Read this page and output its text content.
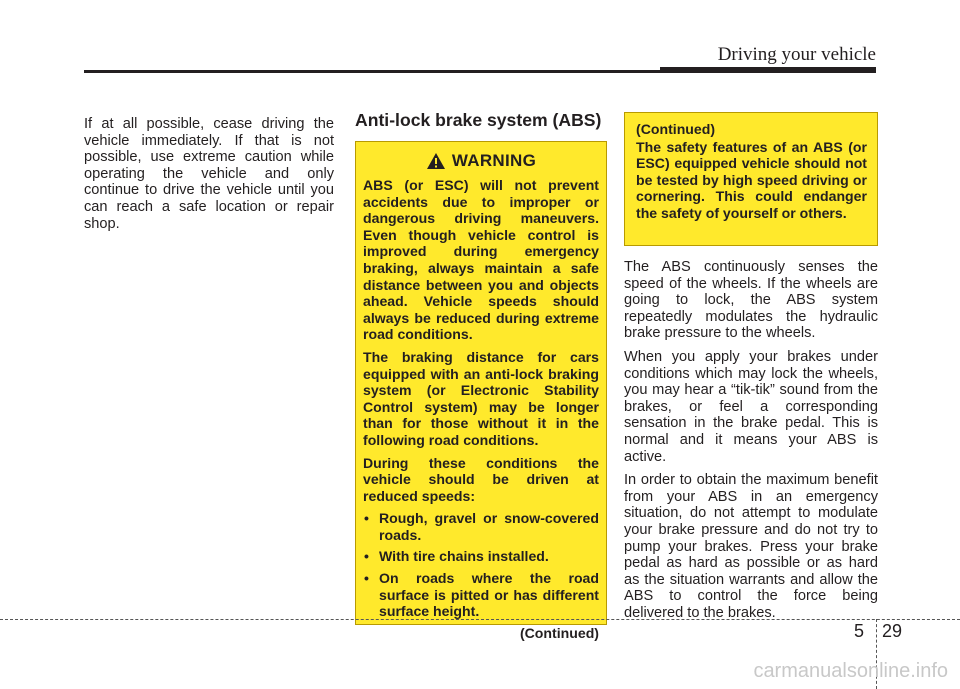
Driving your vehicle

If at all possible, cease driving the vehicle immediately. If that is not possible, use extreme caution while operating the vehicle and only continue to drive the vehicle until you can reach a safe location or repair shop.

Anti-lock brake system (ABS)
WARNING

ABS (or ESC) will not prevent accidents due to improper or dangerous driving maneuvers. Even though vehicle control is improved during emergency braking, always maintain a safe distance between you and objects ahead. Vehicle speeds should always be reduced during extreme road conditions.

The braking distance for cars equipped with an anti-lock braking system (or Electronic Stability Control system) may be longer than for those without it in the following road conditions.

During these conditions the vehicle should be driven at reduced speeds:

• Rough, gravel or snow-covered roads.
• With tire chains installed.
• On roads where the road surface is pitted or has different surface height.
(Continued)
(Continued)
The safety features of an ABS (or ESC) equipped vehicle should not be tested by high speed driving or cornering. This could endanger the safety of yourself or others.

The ABS continuously senses the speed of the wheels. If the wheels are going to lock, the ABS system repeatedly modulates the hydraulic brake pressure to the wheels.

When you apply your brakes under conditions which may lock the wheels, you may hear a “tik-tik” sound from the brakes, or feel a corresponding sensation in the brake pedal. This is normal and it means your ABS is active.

In order to obtain the maximum benefit from your ABS in an emergency situation, do not attempt to modulate your brake pressure and do not try to pump your brakes. Press your brake pedal as hard as possible or as hard as the situation warrants and allow the ABS to control the force being delivered to the brakes.

5 29
carmanualsonline.info
